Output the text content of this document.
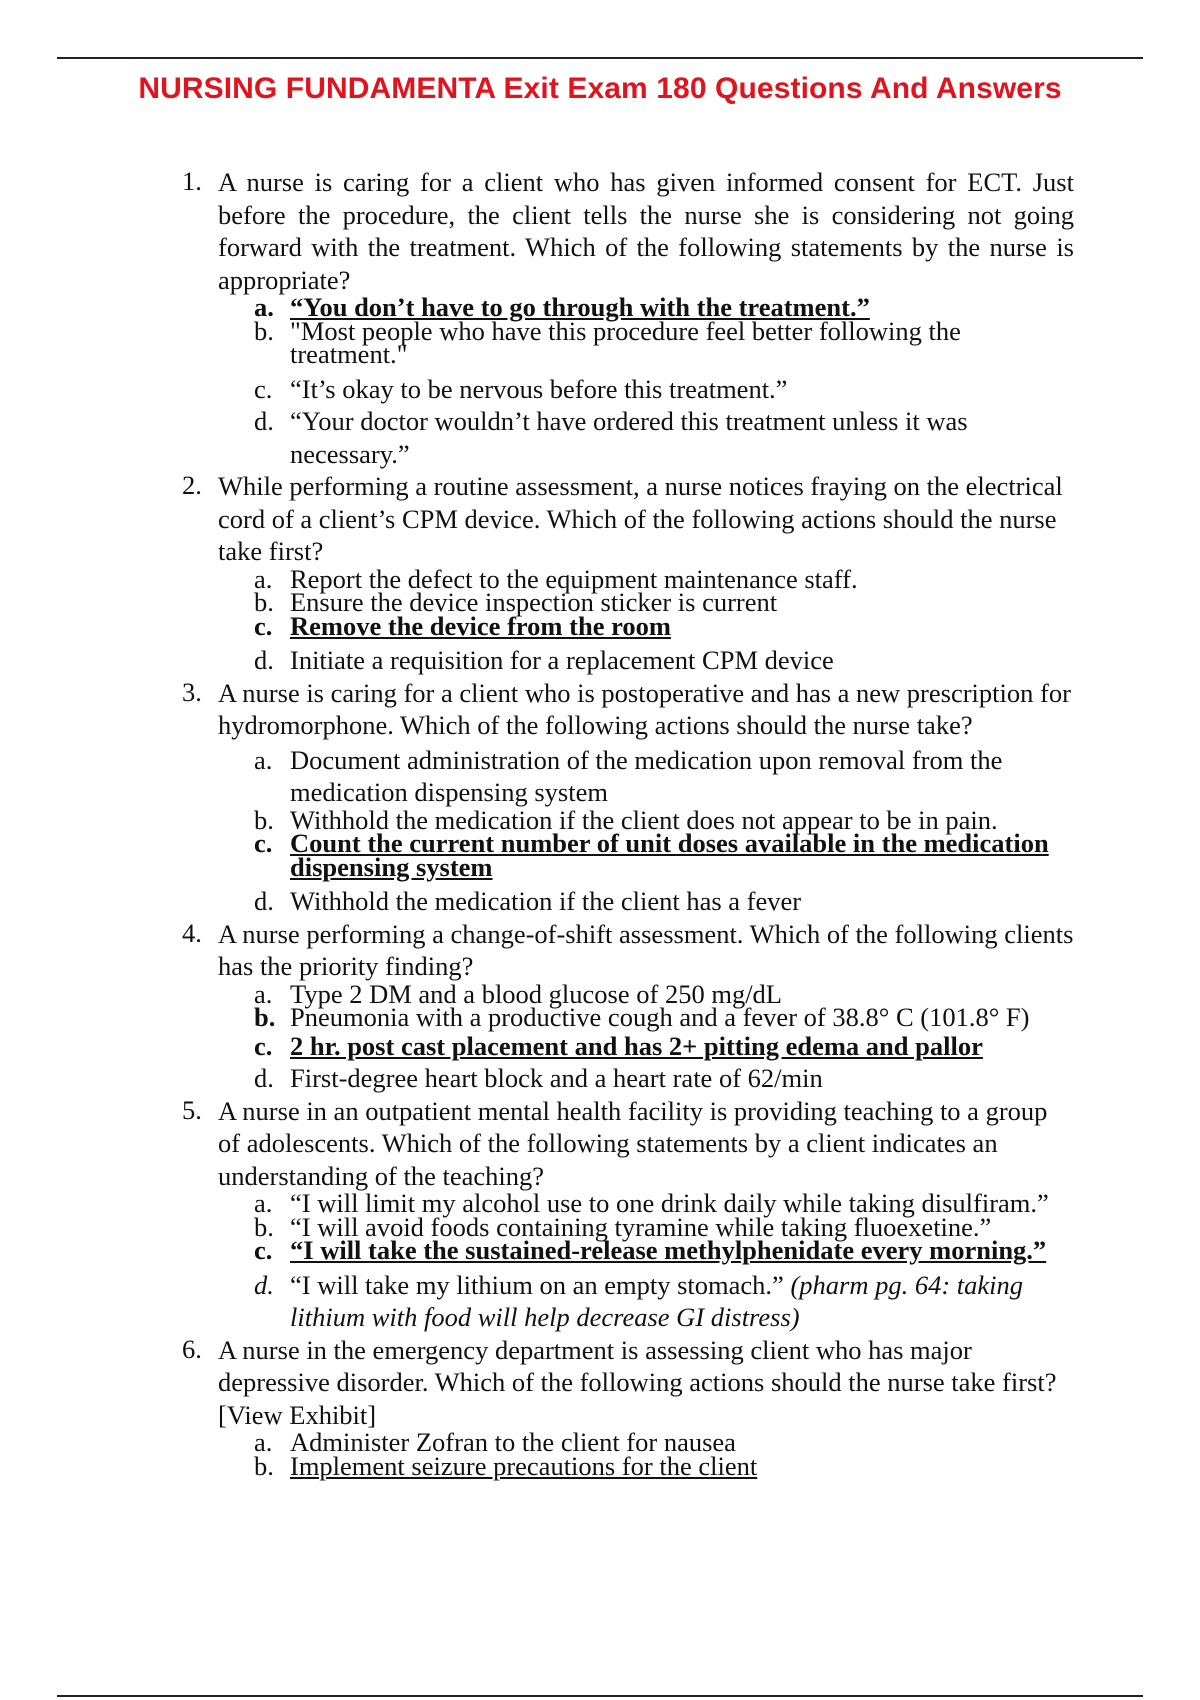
NURSING FUNDAMENTA Exit Exam 180 Questions And Answers
1. A nurse is caring for a client who has given informed consent for ECT. Just before the procedure, the client tells the nurse she is considering not going forward with the treatment. Which of the following statements by the nurse is appropriate?
a. “You don’t have to go through with the treatment.”
b. "Most people who have this procedure feel better following the treatment."
c. “It’s okay to be nervous before this treatment.”
d. “Your doctor wouldn’t have ordered this treatment unless it was necessary.”
2. While performing a routine assessment, a nurse notices fraying on the electrical cord of a client’s CPM device. Which of the following actions should the nurse take first?
a. Report the defect to the equipment maintenance staff.
b. Ensure the device inspection sticker is current
c. Remove the device from the room
d. Initiate a requisition for a replacement CPM device
3. A nurse is caring for a client who is postoperative and has a new prescription for hydromorphone. Which of the following actions should the nurse take?
a. Document administration of the medication upon removal from the medication dispensing system
b. Withhold the medication if the client does not appear to be in pain.
c. Count the current number of unit doses available in the medication dispensing system
d. Withhold the medication if the client has a fever
4. A nurse performing a change-of-shift assessment. Which of the following clients has the priority finding?
a. Type 2 DM and a blood glucose of 250 mg/dL
b. Pneumonia with a productive cough and a fever of 38.8° C (101.8° F)
c. 2 hr. post cast placement and has 2+ pitting edema and pallor
d. First-degree heart block and a heart rate of 62/min
5. A nurse in an outpatient mental health facility is providing teaching to a group of adolescents. Which of the following statements by a client indicates an understanding of the teaching?
a. “I will limit my alcohol use to one drink daily while taking disulfiram.”
b. “I will avoid foods containing tyramine while taking fluoexetine.”
c. “I will take the sustained-release methylphenidate every morning.”
d. “I will take my lithium on an empty stomach.” (pharm pg. 64: taking lithium with food will help decrease GI distress)
6. A nurse in the emergency department is assessing client who has major depressive disorder. Which of the following actions should the nurse take first? [View Exhibit]
a. Administer Zofran to the client for nausea
b. Implement seizure precautions for the client
